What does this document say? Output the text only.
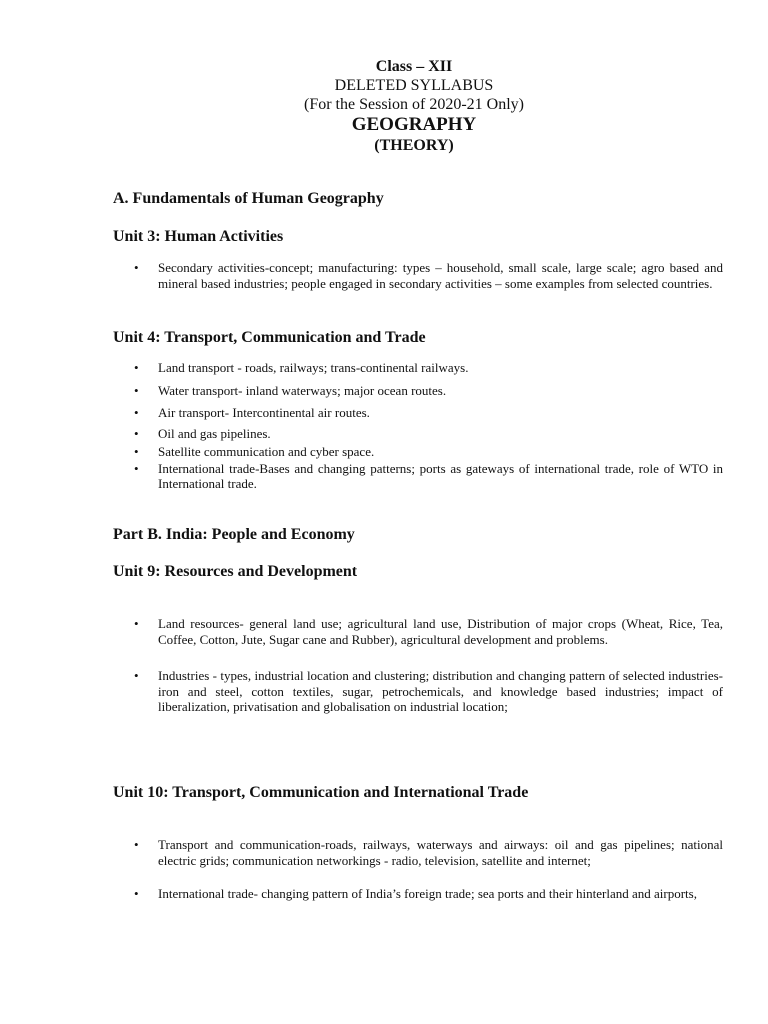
Class – XII
DELETED SYLLABUS
(For the Session of 2020-21 Only)
GEOGRAPHY
(THEORY)
A. Fundamentals of Human Geography
Unit 3: Human Activities
• Secondary activities-concept; manufacturing: types – household, small scale, large scale; agro based and mineral based industries; people engaged in secondary activities – some examples from selected countries.
Unit 4: Transport, Communication and Trade
• Land transport - roads, railways; trans-continental railways.
• Water transport- inland waterways; major ocean routes.
• Air transport- Intercontinental air routes.
• Oil and gas pipelines.
• Satellite communication and cyber space.
• International trade-Bases and changing patterns; ports as gateways of international trade, role of WTO in International trade.
Part B. India: People and Economy
Unit 9: Resources and Development
• Land resources- general land use; agricultural land use, Distribution of major crops (Wheat, Rice, Tea, Coffee, Cotton, Jute, Sugar cane and Rubber), agricultural development and problems.
• Industries - types, industrial location and clustering; distribution and changing pattern of selected industries-iron and steel, cotton textiles, sugar, petrochemicals, and knowledge based industries; impact of liberalization, privatisation and globalisation on industrial location;
Unit 10: Transport, Communication and International Trade
• Transport and communication-roads, railways, waterways and airways: oil and gas pipelines; national electric grids; communication networkings - radio, television, satellite and internet;
• International trade- changing pattern of India’s foreign trade; sea ports and their hinterland and airports,
